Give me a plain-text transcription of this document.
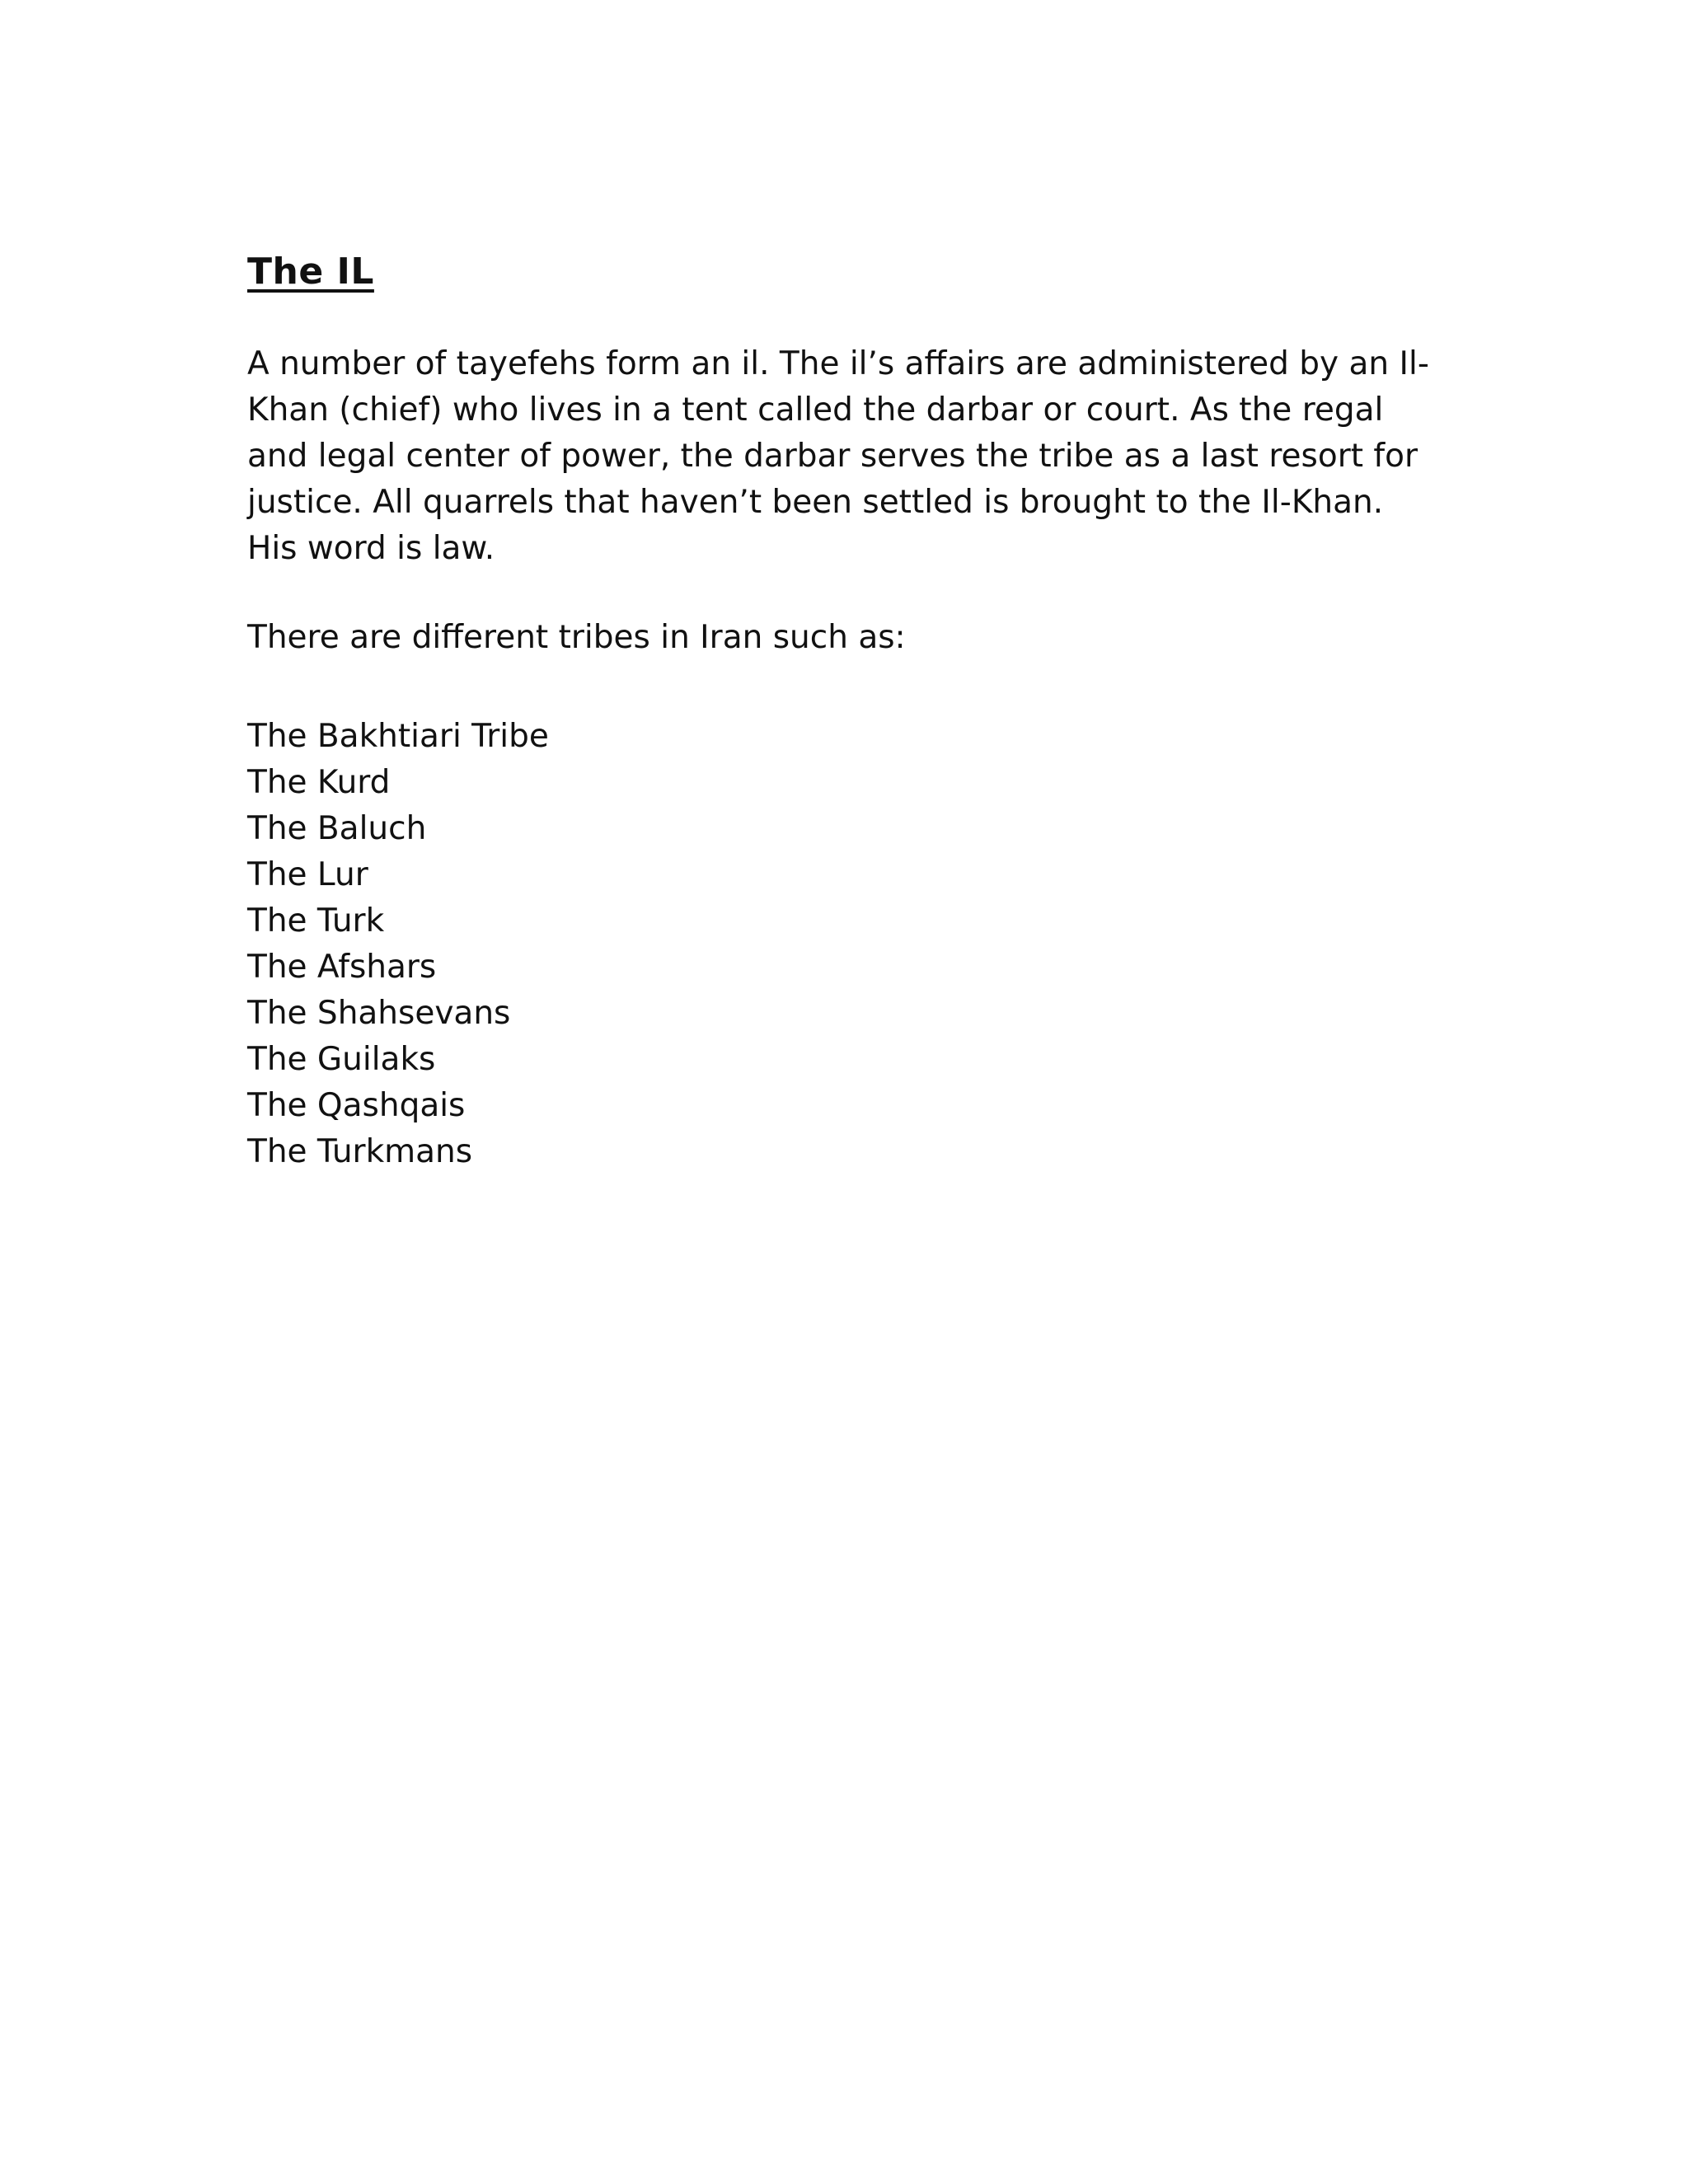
The IL

A number of tayefehs form an il. The il’s affairs are administered by an Il-Khan (chief) who lives in a tent called the darbar or court. As the regal and legal center of power, the darbar serves the tribe as a last resort for justice. All quarrels that haven’t been settled is brought to the Il-Khan. His word is law.

There are different tribes in Iran such as:

The Bakhtiari Tribe
The Kurd
The Baluch
The Lur
The Turk
The Afshars
The Shahsevans
The Guilaks
The Qashqais
The Turkmans
